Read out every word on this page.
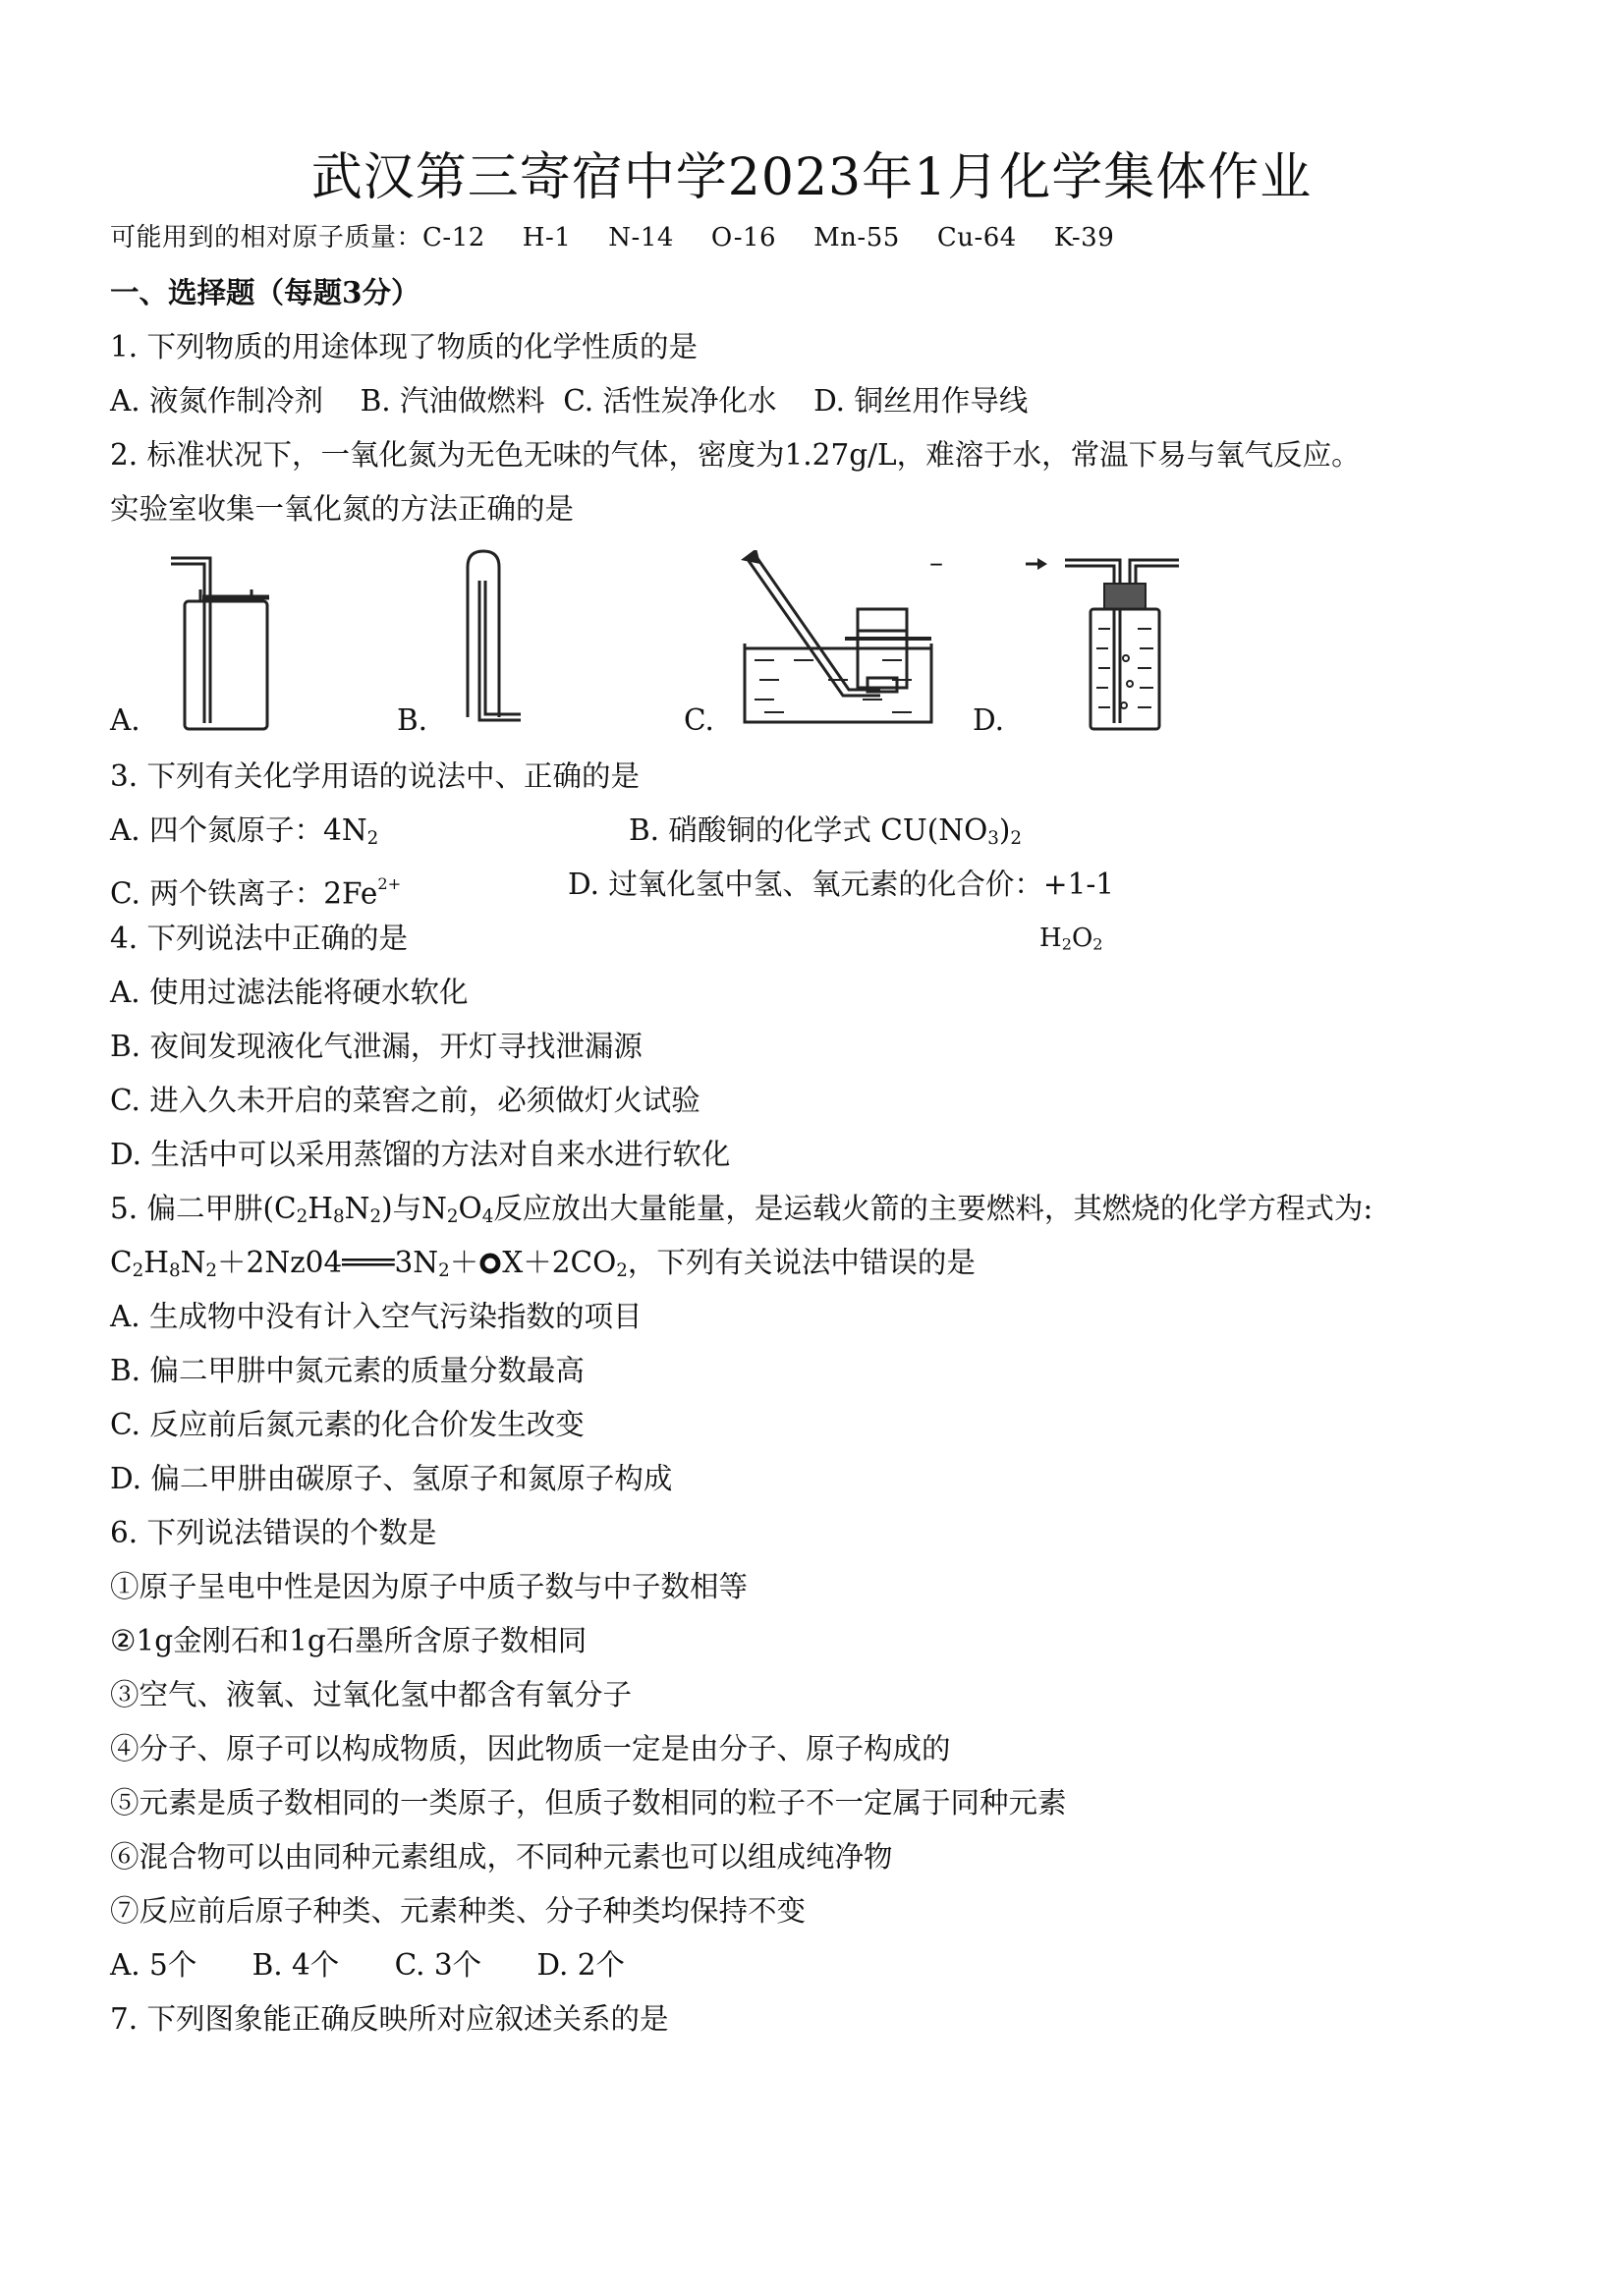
武汉第三寄宿中学2023年1月化学集体作业
可能用到的相对原子质量：C-12 H-1 N-14 O-16 Mn-55 Cu-64 K-39
一、选择题（每题3分）
1. 下列物质的用途体现了物质的化学性质的是
A. 液氮作制冷剂 B. 汽油做燃料 C. 活性炭净化水 D. 铜丝用作导线
2. 标准状况下，一氧化氮为无色无味的气体，密度为1.27g/L，难溶于水，常温下易与氧气反应。
实验室收集一氧化氮的方法正确的是
A.	B.	C.	D.
–
3. 下列有关化学用语的说法中、正确的是
A. 四个氮原子：$4N_2$	B. 硝酸铜的化学式 $CU(NO_3)_2$
C. 两个铁离子：$2Fe^{2+}$	D. 过氧化氢中氢、氧元素的化合价：+1-1
4. 下列说法中正确的是	$H_2O_2$
A. 使用过滤法能将硬水软化
B. 夜间发现液化气泄漏，开灯寻找泄漏源
C. 进入久未开启的菜窖之前，必须做灯火试验
D. 生活中可以采用蒸馏的方法对自来水进行软化
5. 偏二甲肼$(C_2H_8N_2)$与$N_2O_4$反应放出大量能量，是运载火箭的主要燃料，其燃烧的化学方程式为:
$C_2H_8N_2+2Nz04═══3N_2+ X+2CO_2$，下列有关说法中错误的是
A. 生成物中没有计入空气污染指数的项目
B. 偏二甲肼中氮元素的质量分数最高
C. 反应前后氮元素的化合价发生改变
D. 偏二甲肼由碳原子、氢原子和氮原子构成
6. 下列说法错误的个数是
①原子呈电中性是因为原子中质子数与中子数相等
②1g金刚石和1g石墨所含原子数相同
③空气、液氧、过氧化氢中都含有氧分子
④分子、原子可以构成物质，因此物质一定是由分子、原子构成的
⑤元素是质子数相同的一类原子，但质子数相同的粒子不一定属于同种元素
⑥混合物可以由同种元素组成，不同种元素也可以组成纯净物
⑦反应前后原子种类、元素种类、分子种类均保持不变
A. 5个 B. 4个 C. 3个 D. 2个
7. 下列图象能正确反映所对应叙述关系的是
